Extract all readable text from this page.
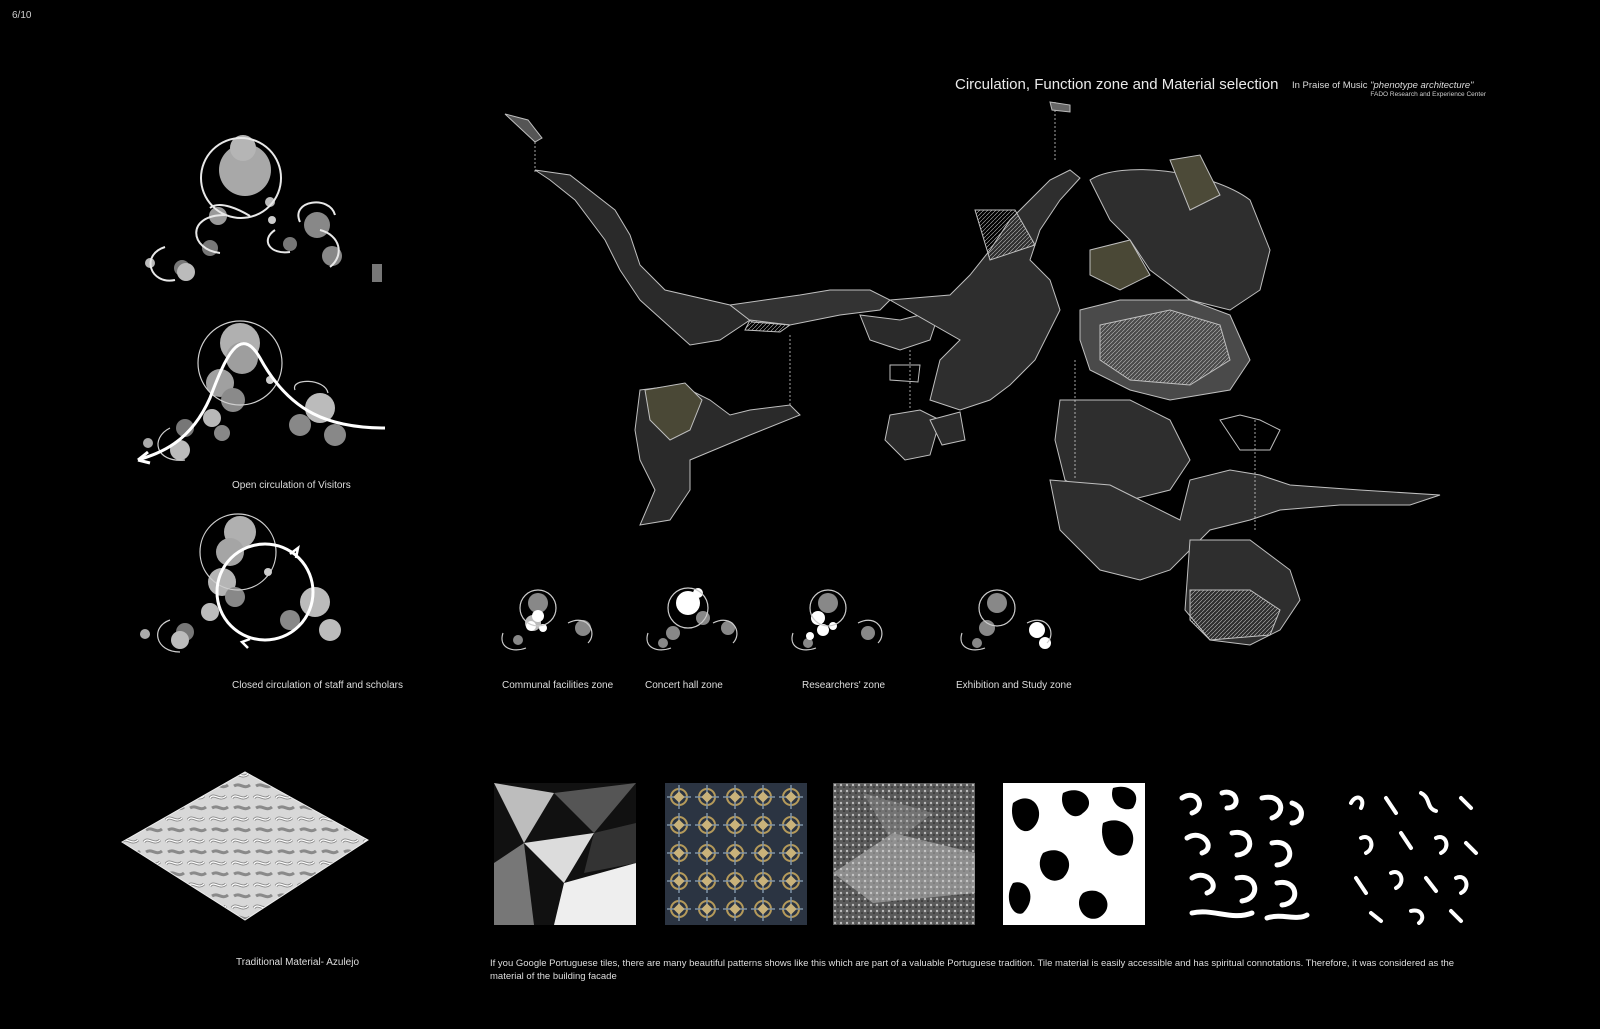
6/10
Circulation, Function zone and Material selection In Praise of Music "phenotype architecture"
FADO Research and Experience Center
Open circulation of Visitors
Closed circulation of staff and scholars	Communal facilities zone	Concert hall zone	Researchers' zone	Exhibition and Study zone
Traditional Material- Azulejo	If you Google Portuguese tiles, there are many beautiful patterns shows like this which are part of a valuable Portuguese tradition. Tile material is easily accessible and has spiritual connotations. Therefore, it was considered as the material of the building facade
